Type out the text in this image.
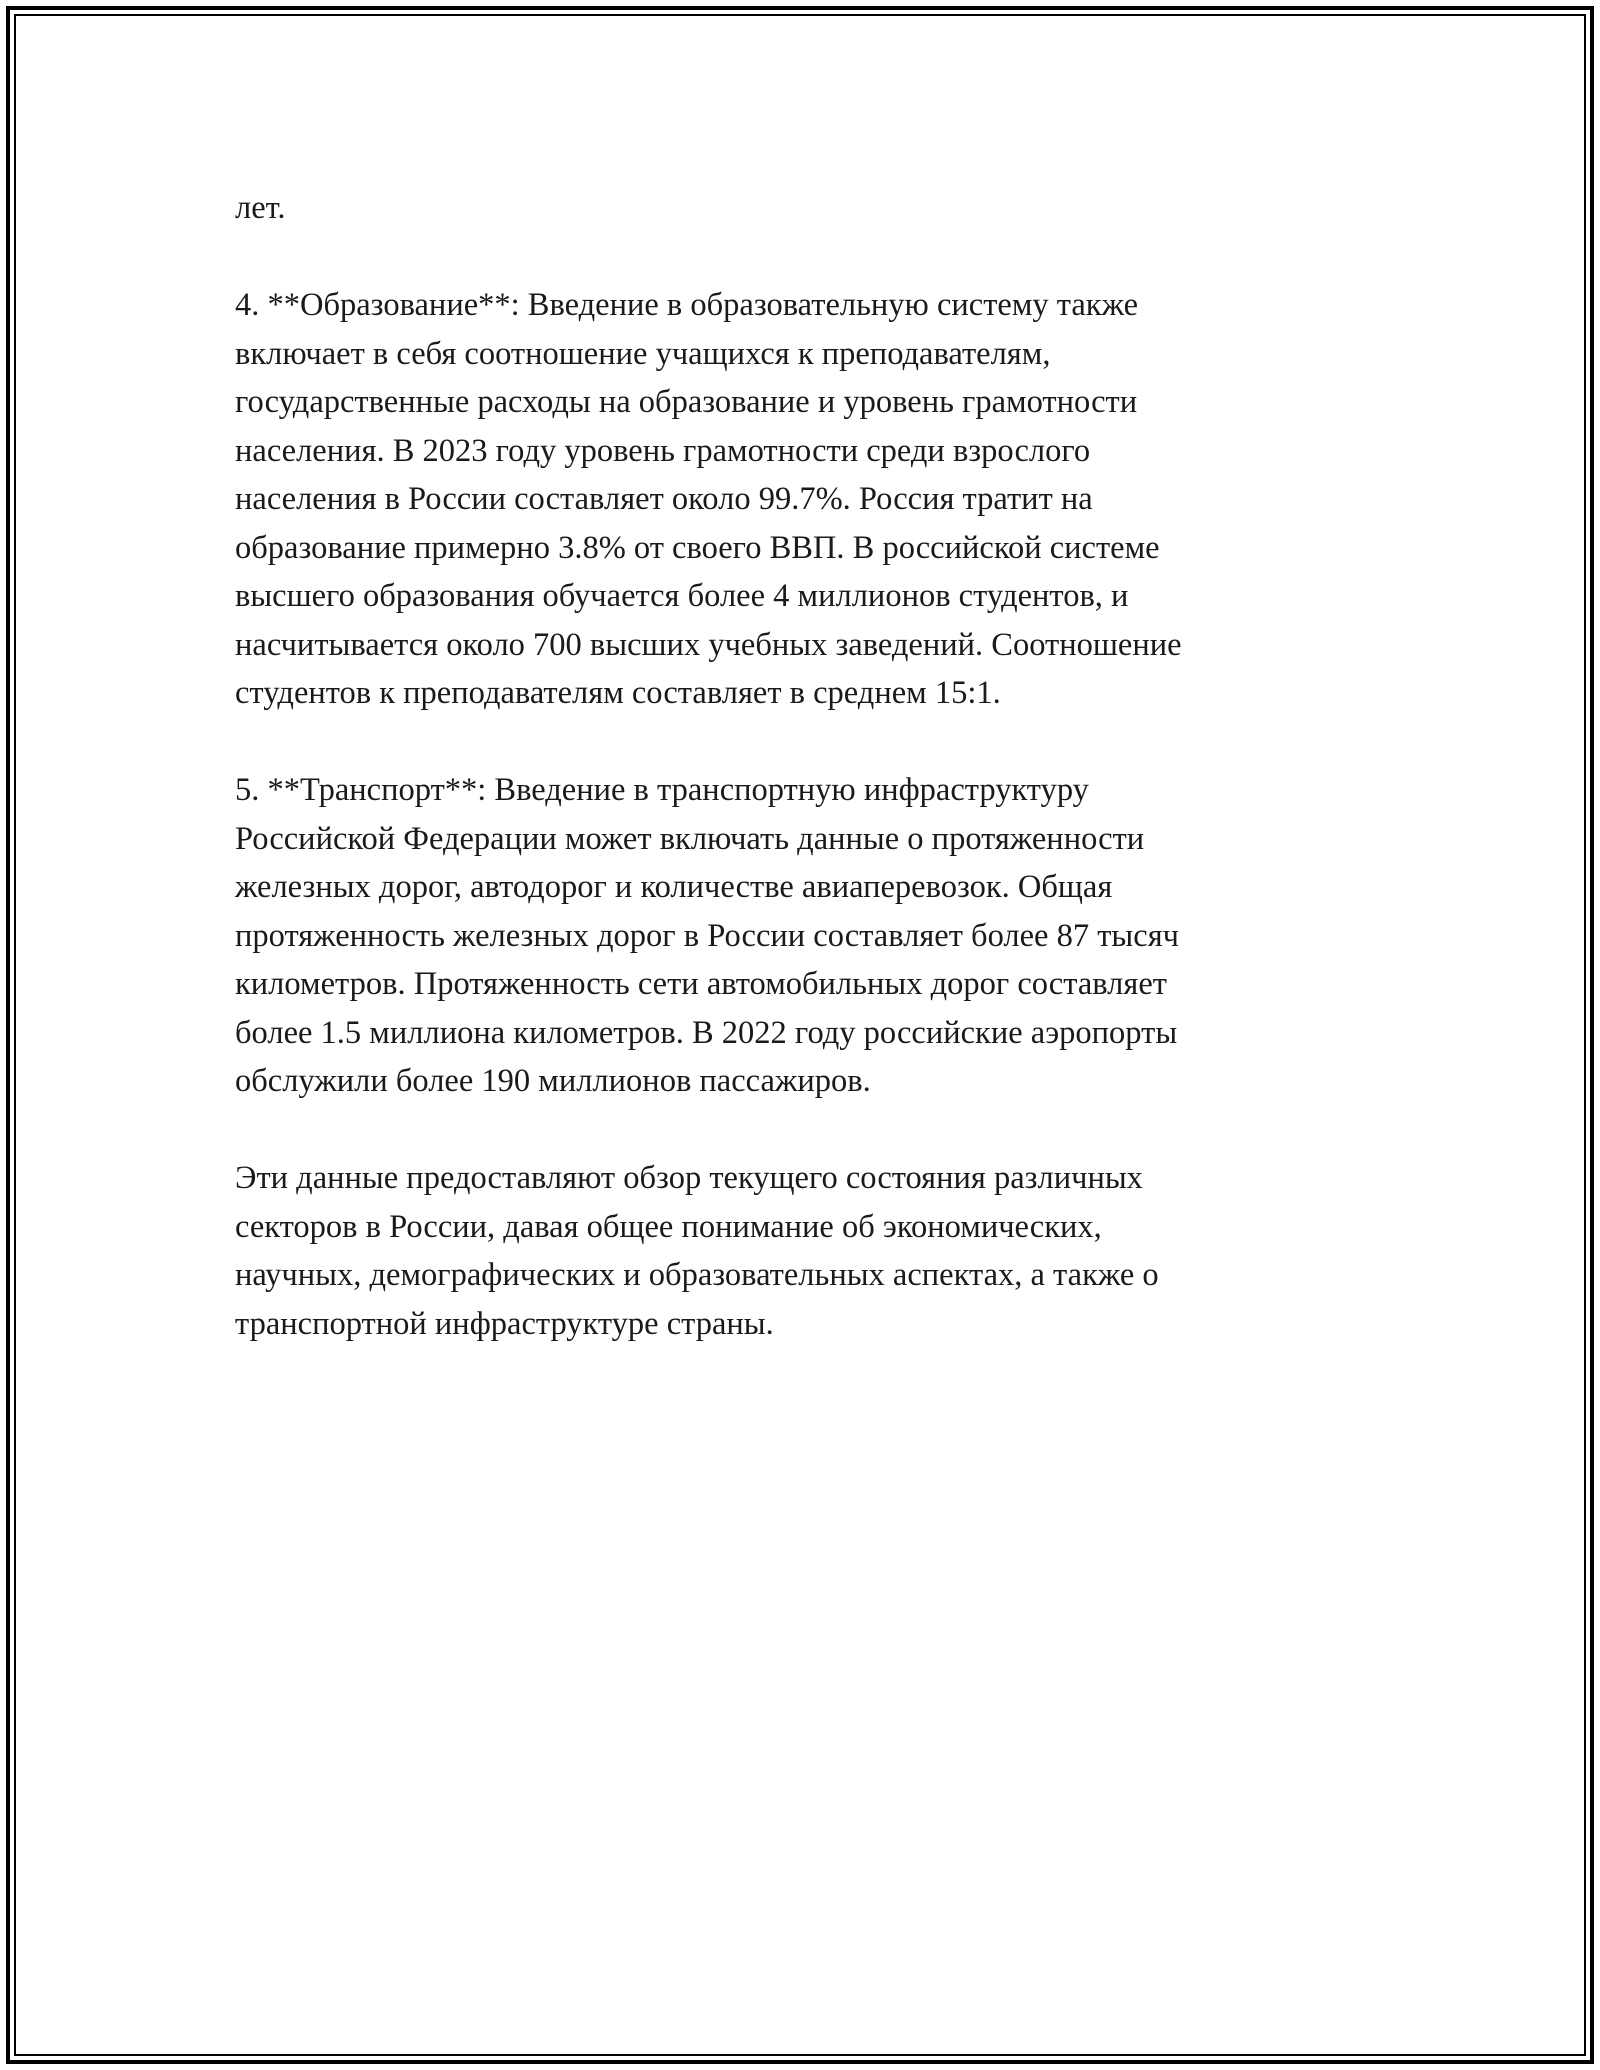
лет.

4. **Образование**: Введение в образовательную систему также
включает в себя соотношение учащихся к преподавателям,
государственные расходы на образование и уровень грамотности
населения. В 2023 году уровень грамотности среди взрослого
населения в России составляет около 99.7%. Россия тратит на
образование примерно 3.8% от своего ВВП. В российской системе
высшего образования обучается более 4 миллионов студентов, и
насчитывается около 700 высших учебных заведений. Соотношение
студентов к преподавателям составляет в среднем 15:1.

5. **Транспорт**: Введение в транспортную инфраструктуру
Российской Федерации может включать данные о протяженности
железных дорог, автодорог и количестве авиаперевозок. Общая
протяженность железных дорог в России составляет более 87 тысяч
километров. Протяженность сети автомобильных дорог составляет
более 1.5 миллиона километров. В 2022 году российские аэропорты
обслужили более 190 миллионов пассажиров.

Эти данные предоставляют обзор текущего состояния различных
секторов в России, давая общее понимание об экономических,
научных, демографических и образовательных аспектах, а также о
транспортной инфраструктуре страны.
